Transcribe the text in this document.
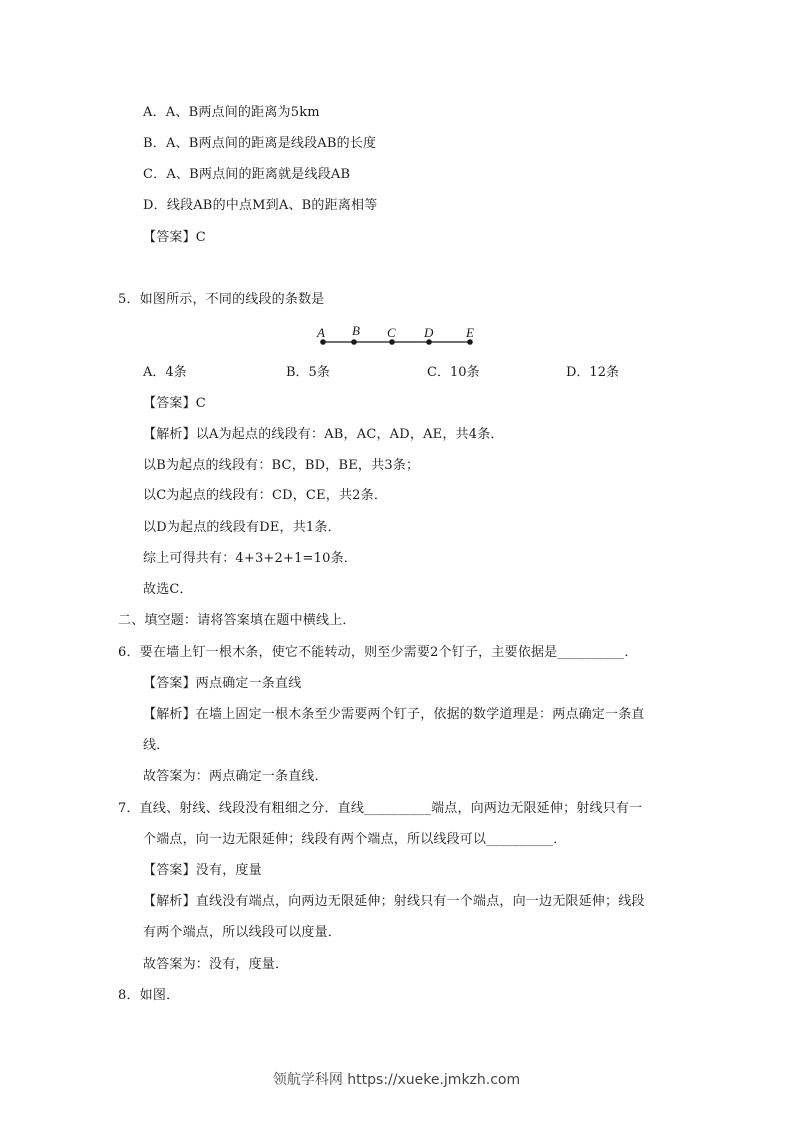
A．A、B两点间的距离为5km
B．A、B两点间的距离是线段AB的长度
C．A、B两点间的距离就是线段AB
D．线段AB的中点M到A、B的距离相等
【答案】C
5．如图所示，不同的线段的条数是
A B C D	E
A．4条	B．5条	C．10条	D．12条
【答案】C
【解析】以A为起点的线段有：AB，AC，AD，AE，共4条．
以B为起点的线段有：BC，BD，BE，共3条；
以C为起点的线段有：CD，CE，共2条．
以D为起点的线段有DE，共1条．
综上可得共有：4+3+2+1=10条．
故选C．
二、填空题：请将答案填在题中横线上．
6．要在墙上钉一根木条，使它不能转动，则至少需要2个钉子，主要依据是__________．
【答案】两点确定一条直线
【解析】在墙上固定一根木条至少需要两个钉子，依据的数学道理是：两点确定一条直
线．
故答案为：两点确定一条直线．
7．直线、射线、线段没有粗细之分．直线__________端点，向两边无限延伸；射线只有一
个端点，向一边无限延伸；线段有两个端点，所以线段可以__________．
【答案】没有，度量
【解析】直线没有端点，向两边无限延伸；射线只有一个端点，向一边无限延伸；线段
有两个端点，所以线段可以度量．
故答案为：没有，度量．
8．如图．
领航学科网 https://xueke.jmkzh.com
